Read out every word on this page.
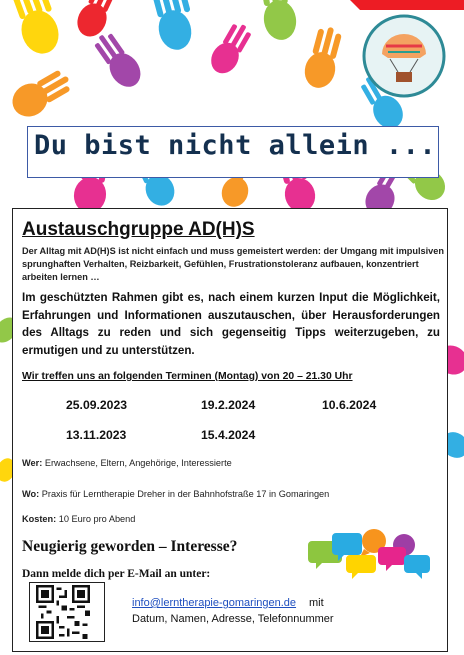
Du bist nicht allein ...
Austauschgruppe AD(H)S
Der Alltag mit AD(H)S ist nicht einfach und muss gemeistert werden: der Umgang mit impulsiven sprunghaften Verhalten, Reizbarkeit, Gefühlen, Frustrationstoleranz aufbauen, konzentriert arbeiten lernen …
Im geschützten Rahmen gibt es, nach einem kurzen Input die Möglichkeit, Erfahrungen und Informationen auszutauschen, über Herausforderungen des Alltags zu reden und sich gegenseitig Tipps weiterzugeben, zu ermutigen und zu unterstützen.
Wir treffen uns an folgenden Terminen (Montag) von 20 – 21.30 Uhr
25.09.2023	19.2.2024	10.6.2024
13.11.2023	15.4.2024
Wer: Erwachsene, Eltern, Angehörige, Interessierte
Wo: Praxis für Lerntherapie Dreher in der Bahnhofstraße 17 in Gomaringen
Kosten: 10 Euro pro Abend
Neugierig geworden – Interesse?
Dann melde dich per E-Mail an unter:
info@lerntherapie-gomaringen.de mit
Datum, Namen, Adresse, Telefonnummer
